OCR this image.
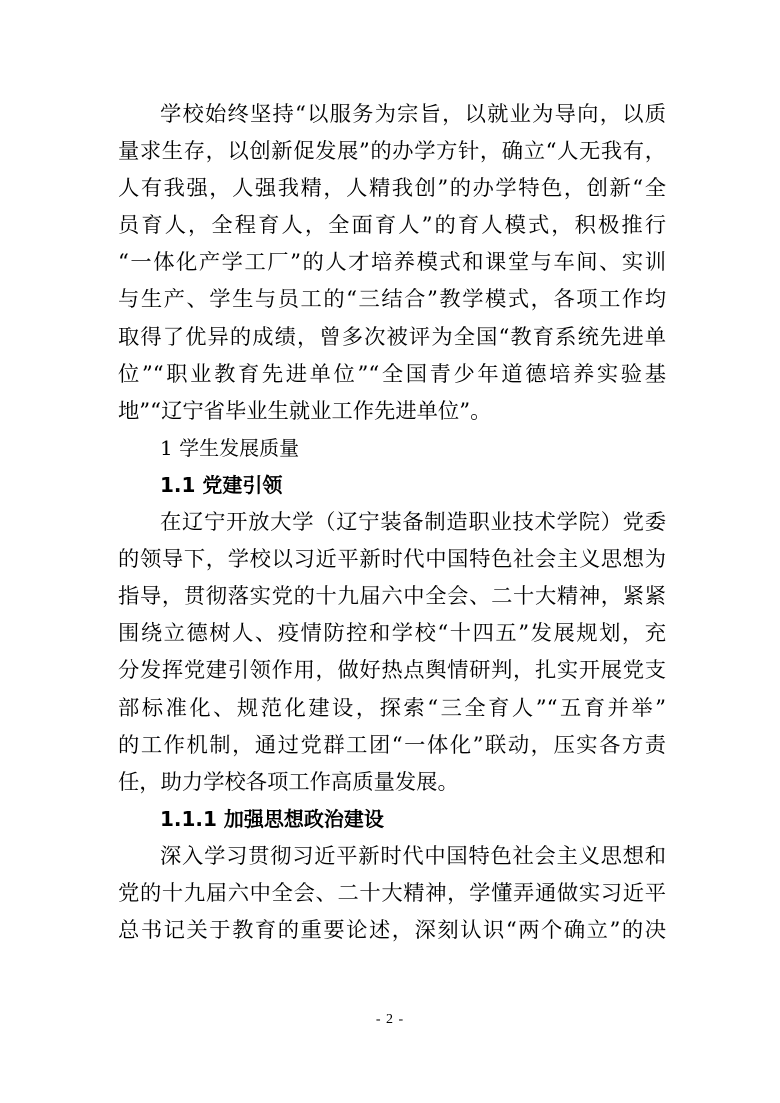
学校始终坚持“以服务为宗旨，以就业为导向，以质
量求生存，以创新促发展”的办学方针，确立“人无我有，
人有我强，人强我精，人精我创”的办学特色，创新“全
员育人，全程育人，全面育人”的育人模式，积极推行
“一体化产学工厂”的人才培养模式和课堂与车间、实训
与生产、学生与员工的“三结合”教学模式，各项工作均
取得了优异的成绩，曾多次被评为全国“教育系统先进单
位”“职业教育先进单位”“全国青少年道德培养实验基
地”“辽宁省毕业生就业工作先进单位”。
1 学生发展质量
1.1 党建引领
在辽宁开放大学（辽宁装备制造职业技术学院）党委
的领导下，学校以习近平新时代中国特色社会主义思想为
指导，贯彻落实党的十九届六中全会、二十大精神，紧紧
围绕立德树人、疫情防控和学校“十四五”发展规划，充
分发挥党建引领作用，做好热点舆情研判，扎实开展党支
部标准化、规范化建设，探索“三全育人”“五育并举”
的工作机制，通过党群工团“一体化”联动，压实各方责
任，助力学校各项工作高质量发展。
1.1.1 加强思想政治建设
深入学习贯彻习近平新时代中国特色社会主义思想和
党的十九届六中全会、二十大精神，学懂弄通做实习近平
总书记关于教育的重要论述，深刻认识“两个确立”的决
- 2 -
